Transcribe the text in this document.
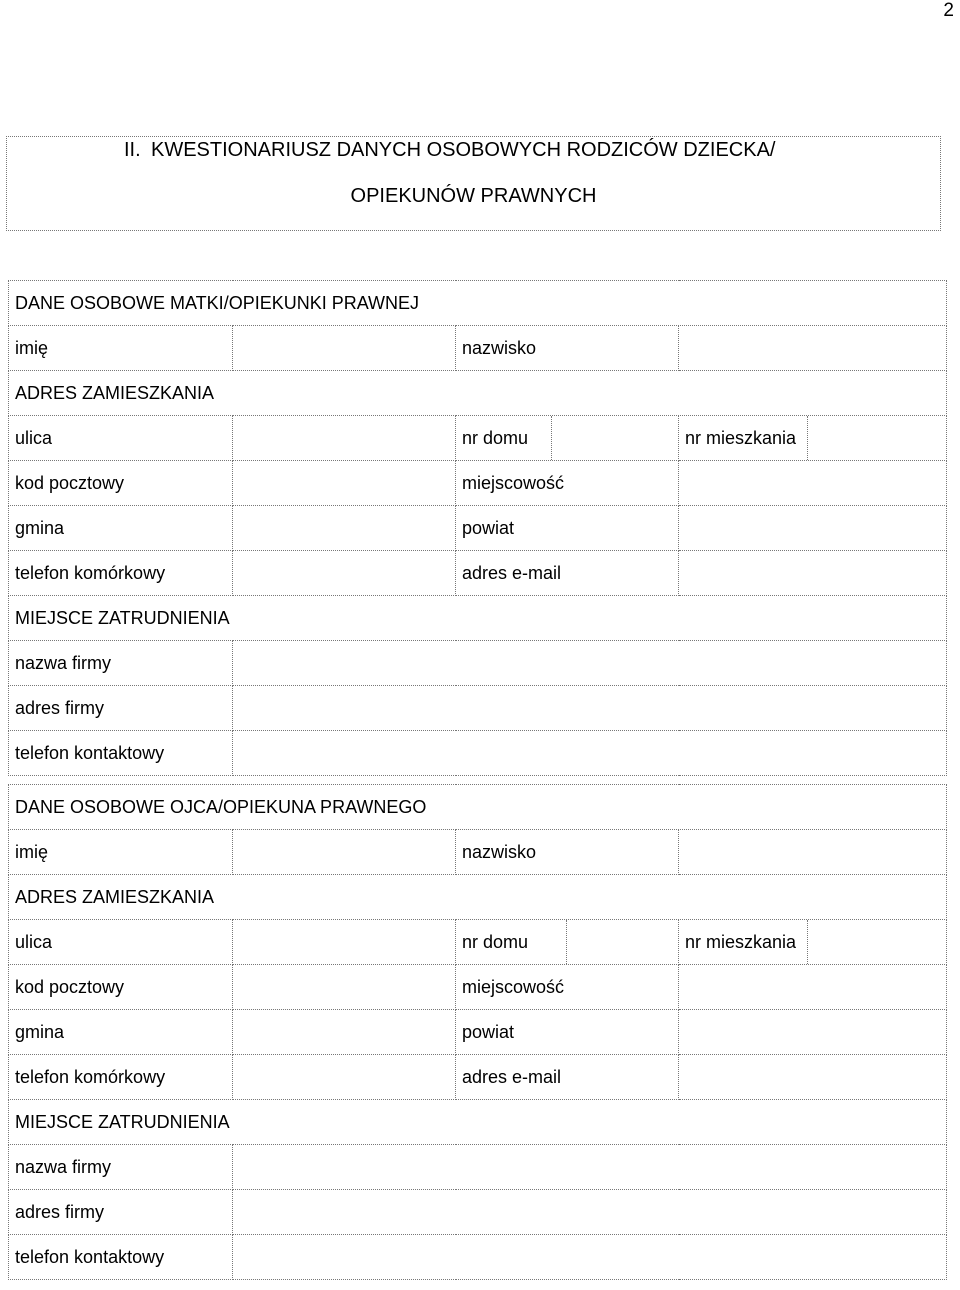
2
II. KWESTIONARIUSZ DANYCH OSOBOWYCH RODZICÓW DZIECKA/
OPIEKUNÓW PRAWNYCH
DANE OSOBOWE MATKI/OPIEKUNKI PRAWNEJ			
imię		nazwisko	
ADRES ZAMIESZKANIA			
ulica		nr domu	nr mieszkania

kod pocztowy		miejscowość	
gmina		powiat	
telefon komórkowy		adres e-mail	
MIEJSCE ZATRUDNIENIA			
nazwa firmy			
adres firmy			
telefon kontaktowy			
DANE OSOBOWE OJCA/OPIEKUNA PRAWNEGO			
imię		nazwisko	
ADRES ZAMIESZKANIA			
ulica		nr domu	nr mieszkania

kod pocztowy		miejscowość	
gmina		powiat	
telefon komórkowy		adres e-mail	
MIEJSCE ZATRUDNIENIA			
nazwa firmy			
adres firmy			
telefon kontaktowy			
